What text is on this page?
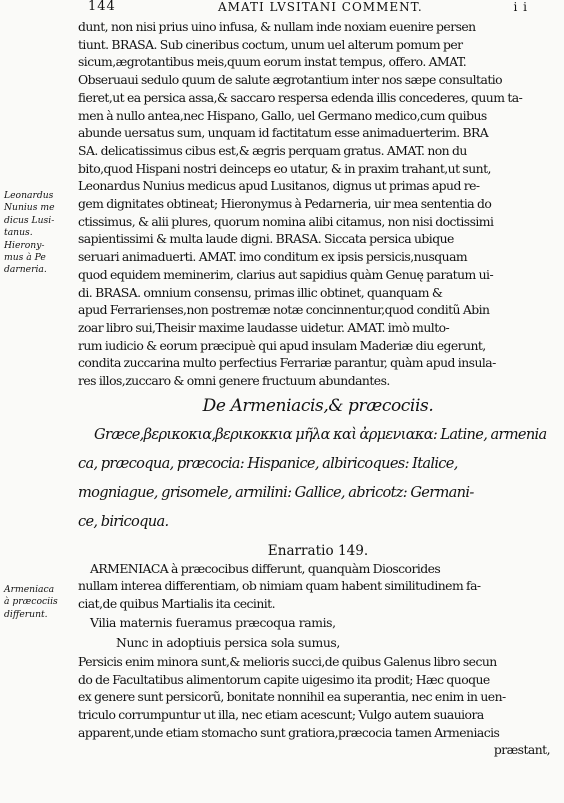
144	AMATI LVSITANI COMMENT.	i i
Leonardus
Nunius me
dicus Lusi-
tanus.
Hierony-
mus à Pe
darneria.
Armeniaca
à præcociis
differunt.
dunt, non nisi prius uino infusa, & nullam inde noxiam euenire persen
tiunt. BRASA. Sub cineribus coctum, unum uel alterum pomum per
sicum,ægrotantibus meis,quum eorum instat tempus, offero. AMAT.
Obseruaui sedulo quum de salute ægrotantium inter nos sæpe consultatio
fieret,ut ea persica assa,& saccaro respersa edenda illis concederes, quum ta-
men à nullo antea,nec Hispano, Gallo, uel Germano medico,cum quibus
abunde uersatus sum, unquam id factitatum esse animaduerterim. BRA
SA. delicatissimus cibus est,& ægris perquam gratus. AMAT. non du
bito,quod Hispani nostri deinceps eo utatur, & in praxim trahant,ut sunt,
Leonardus Nunius medicus apud Lusitanos, dignus ut primas apud re-
gem dignitates obtineat; Hieronymus à Pedarneria, uir mea sententia do
ctissimus, & alii plures, quorum nomina alibi citamus, non nisi doctissimi
sapientissimi & multa laude digni. BRASA. Siccata persica ubique
seruari animaduerti. AMAT. imo conditum ex ipsis persicis,nusquam
quod equidem meminerim, clarius aut sapidius quàm Genuę paratum ui-
di. BRASA. omnium consensu, primas illic obtinet, quanquam &
apud Ferrarienses,non postremæ notæ concinnentur,quod conditũ Abin
zoar libro sui,Theisir maxime laudasse uidetur. AMAT. imò multo-
rum iudicio & eorum præcipuè qui apud insulam Maderiæ diu egerunt,
condita zuccarina multo perfectius Ferrariæ parantur, quàm apud insula-
res illos,zuccaro & omni genere fructuum abundantes.
De Armeniacis,& præcociis.
Græce,βερικοκια,βερικοκκια μῆλα καὶ ἀρμενιακα: Latine, armenia
ca, præcoqua, præcocia: Hispanice, albiricoques: Italice,
mogniague, grisomele, armilini: Gallice, abricotz: Germani-
ce, biricoqua.
Enarratio 149.
ARMENIACA à præcocibus differunt, quanquàm Dioscorides
nullam interea differentiam, ob nimiam quam habent similitudinem fa-
ciat,de quibus Martialis ita cecinit.
Vilia maternis fueramus præcoqua ramis,
Nunc in adoptiuis persica sola sumus,
Persicis enim minora sunt,& melioris succi,de quibus Galenus libro secun
do de Facultatibus alimentorum capite uigesimo ita prodit; Hæc quoque
ex genere sunt persicorũ, bonitate nonnihil ea superantia, nec enim in uen-
triculo corrumpuntur ut illa, nec etiam acescunt; Vulgo autem suauiora
apparent,unde etiam stomacho sunt gratiora,præcocia tamen Armeniacis
præstant,
